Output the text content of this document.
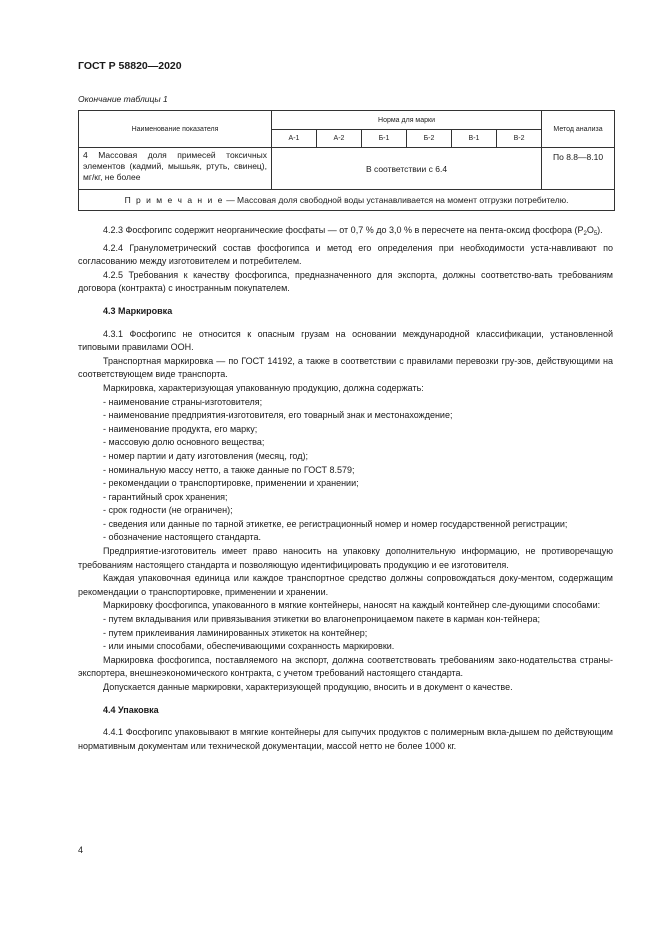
ГОСТ Р 58820—2020
Окончание таблицы 1
Наименование показателя	Норма для марки						Метод анализа
	А-1	А-2	Б-1	Б-2	В-1	В-2	
4 Массовая доля примесей токсичных элементов (кадмий, мышьяк, ртуть, свинец), мг/кг, не более	В соответствии с 6.4						По 8.8—8.10
П р и м е ч а н и е — Массовая доля свободной воды устанавливается на момент отгрузки потребителю.							

4.2.3 Фосфогипс содержит неорганические фосфаты — от 0,7 % до 3,0 % в пересчете на пента-оксид фосфора $(P_2O_5)$.

4.2.4 Гранулометрический состав фосфогипса и метод его определения при необходимости уста-навливают по согласованию между изготовителем и потребителем.

4.2.5 Требования к качеству фосфогипса, предназначенного для экспорта, должны соответство-вать требованиям договора (контракта) с иностранным покупателем.

4.3 Маркировка

4.3.1 Фосфогипс не относится к опасным грузам на основании международной классификации, установленной типовыми правилами ООН.

Транспортная маркировка — по ГОСТ 14192, а также в соответствии с правилами перевозки гру-зов, действующими на соответствующем виде транспорта.

Маркировка, характеризующая упакованную продукцию, должна содержать:

- наименование страны-изготовителя;

- наименование предприятия-изготовителя, его товарный знак и местонахождение;

- наименование продукта, его марку;

- массовую долю основного вещества;

- номер партии и дату изготовления (месяц, год);

- номинальную массу нетто, а также данные по ГОСТ 8.579;

- рекомендации о транспортировке, применении и хранении;

- гарантийный срок хранения;

- срок годности (не ограничен);

- сведения или данные по тарной этикетке, ее регистрационный номер и номер государственной регистрации;

- обозначение настоящего стандарта.

Предприятие-изготовитель имеет право наносить на упаковку дополнительную информацию, не противоречащую требованиям настоящего стандарта и позволяющую идентифицировать продукцию и ее изготовителя.

Каждая упаковочная единица или каждое транспортное средство должны сопровождаться доку-ментом, содержащим рекомендации о транспортировке, применении и хранении.

Маркировку фосфогипса, упакованного в мягкие контейнеры, наносят на каждый контейнер сле-дующими способами:

- путем вкладывания или привязывания этикетки во влагонепроницаемом пакете в карман кон-тейнера;

- путем приклеивания ламинированных этикеток на контейнер;

- или иными способами, обеспечивающими сохранность маркировки.

Маркировка фосфогипса, поставляемого на экспорт, должна соответствовать требованиям зако-нодательства страны-экспортера, внешнеэкономического контракта, с учетом требований настоящего стандарта.

Допускается данные маркировки, характеризующей продукцию, вносить и в документ о качестве.

4.4 Упаковка

4.4.1 Фосфогипс упаковывают в мягкие контейнеры для сыпучих продуктов с полимерным вкла-дышем по действующим нормативным документам или технической документации, массой нетто не более 1000 кг.

4
